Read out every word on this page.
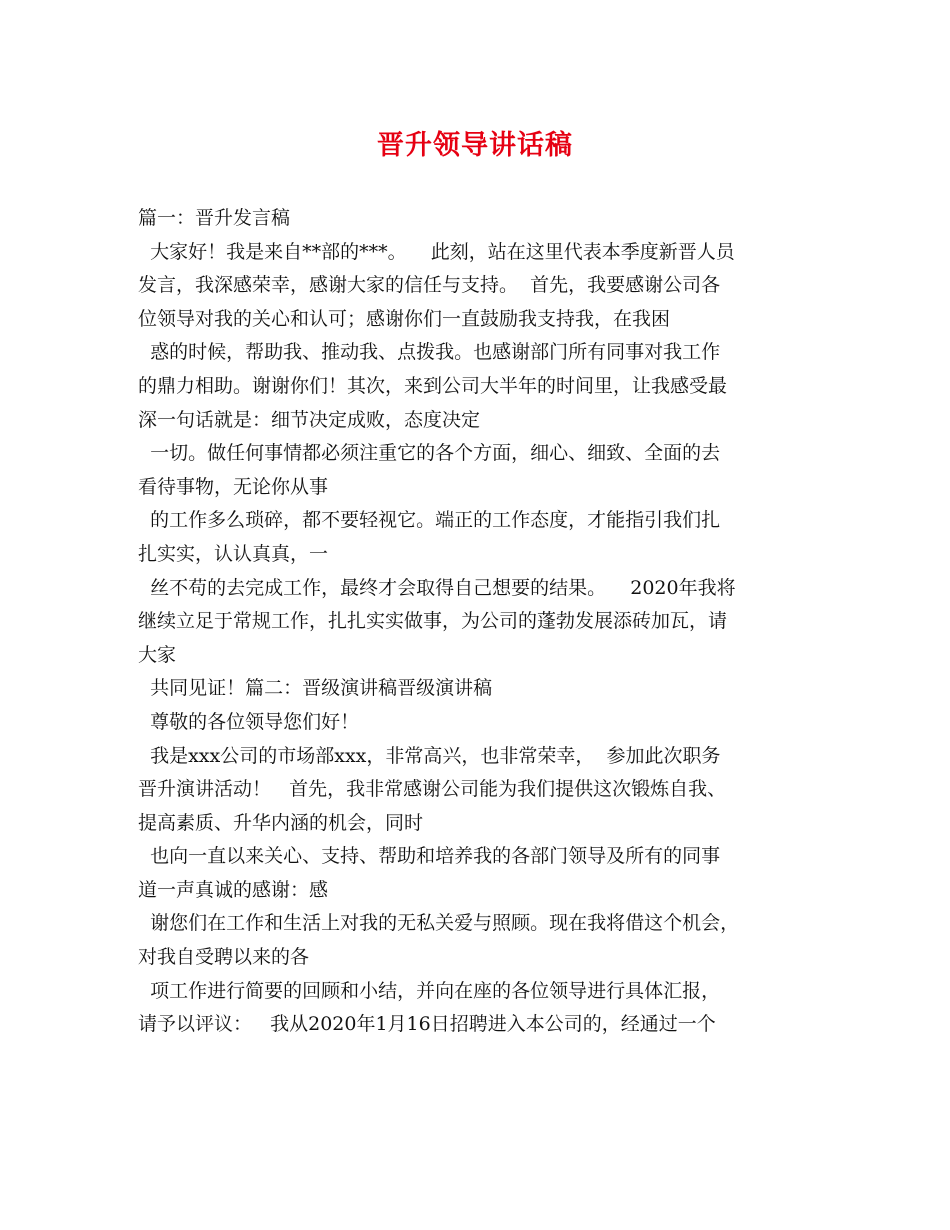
晋升领导讲话稿
篇一：晋升发言稿
大家好！我是来自**部的***。    此刻，站在这里代表本季度新晋人员
发言，我深感荣幸，感谢大家的信任与支持。  首先，我要感谢公司各
位领导对我的关心和认可；感谢你们一直鼓励我支持我，在我困
惑的时候，帮助我、推动我、点拨我。也感谢部门所有同事对我工作
的鼎力相助。谢谢你们！其次，来到公司大半年的时间里，让我感受最
深一句话就是：细节决定成败，态度决定
一切。做任何事情都必须注重它的各个方面，细心、细致、全面的去
看待事物，无论你从事
的工作多么琐碎，都不要轻视它。端正的工作态度，才能指引我们扎
扎实实，认认真真，一
丝不苟的去完成工作，最终才会取得自己想要的结果。    2020年我将
继续立足于常规工作，扎扎实实做事，为公司的蓬勃发展添砖加瓦，请
大家
共同见证！篇二：晋级演讲稿晋级演讲稿
尊敬的各位领导您们好！
我是xxx公司的市场部xxx，非常高兴，也非常荣幸，  参加此次职务
晋升演讲活动！   首先，我非常感谢公司能为我们提供这次锻炼自我、
提高素质、升华内涵的机会，同时
也向一直以来关心、支持、帮助和培养我的各部门领导及所有的同事
道一声真诚的感谢：感
谢您们在工作和生活上对我的无私关爱与照顾。现在我将借这个机会，
对我自受聘以来的各
项工作进行简要的回顾和小结，并向在座的各位领导进行具体汇报，
请予以评议：   我从2020年1月16日招聘进入本公司的，经通过一个
